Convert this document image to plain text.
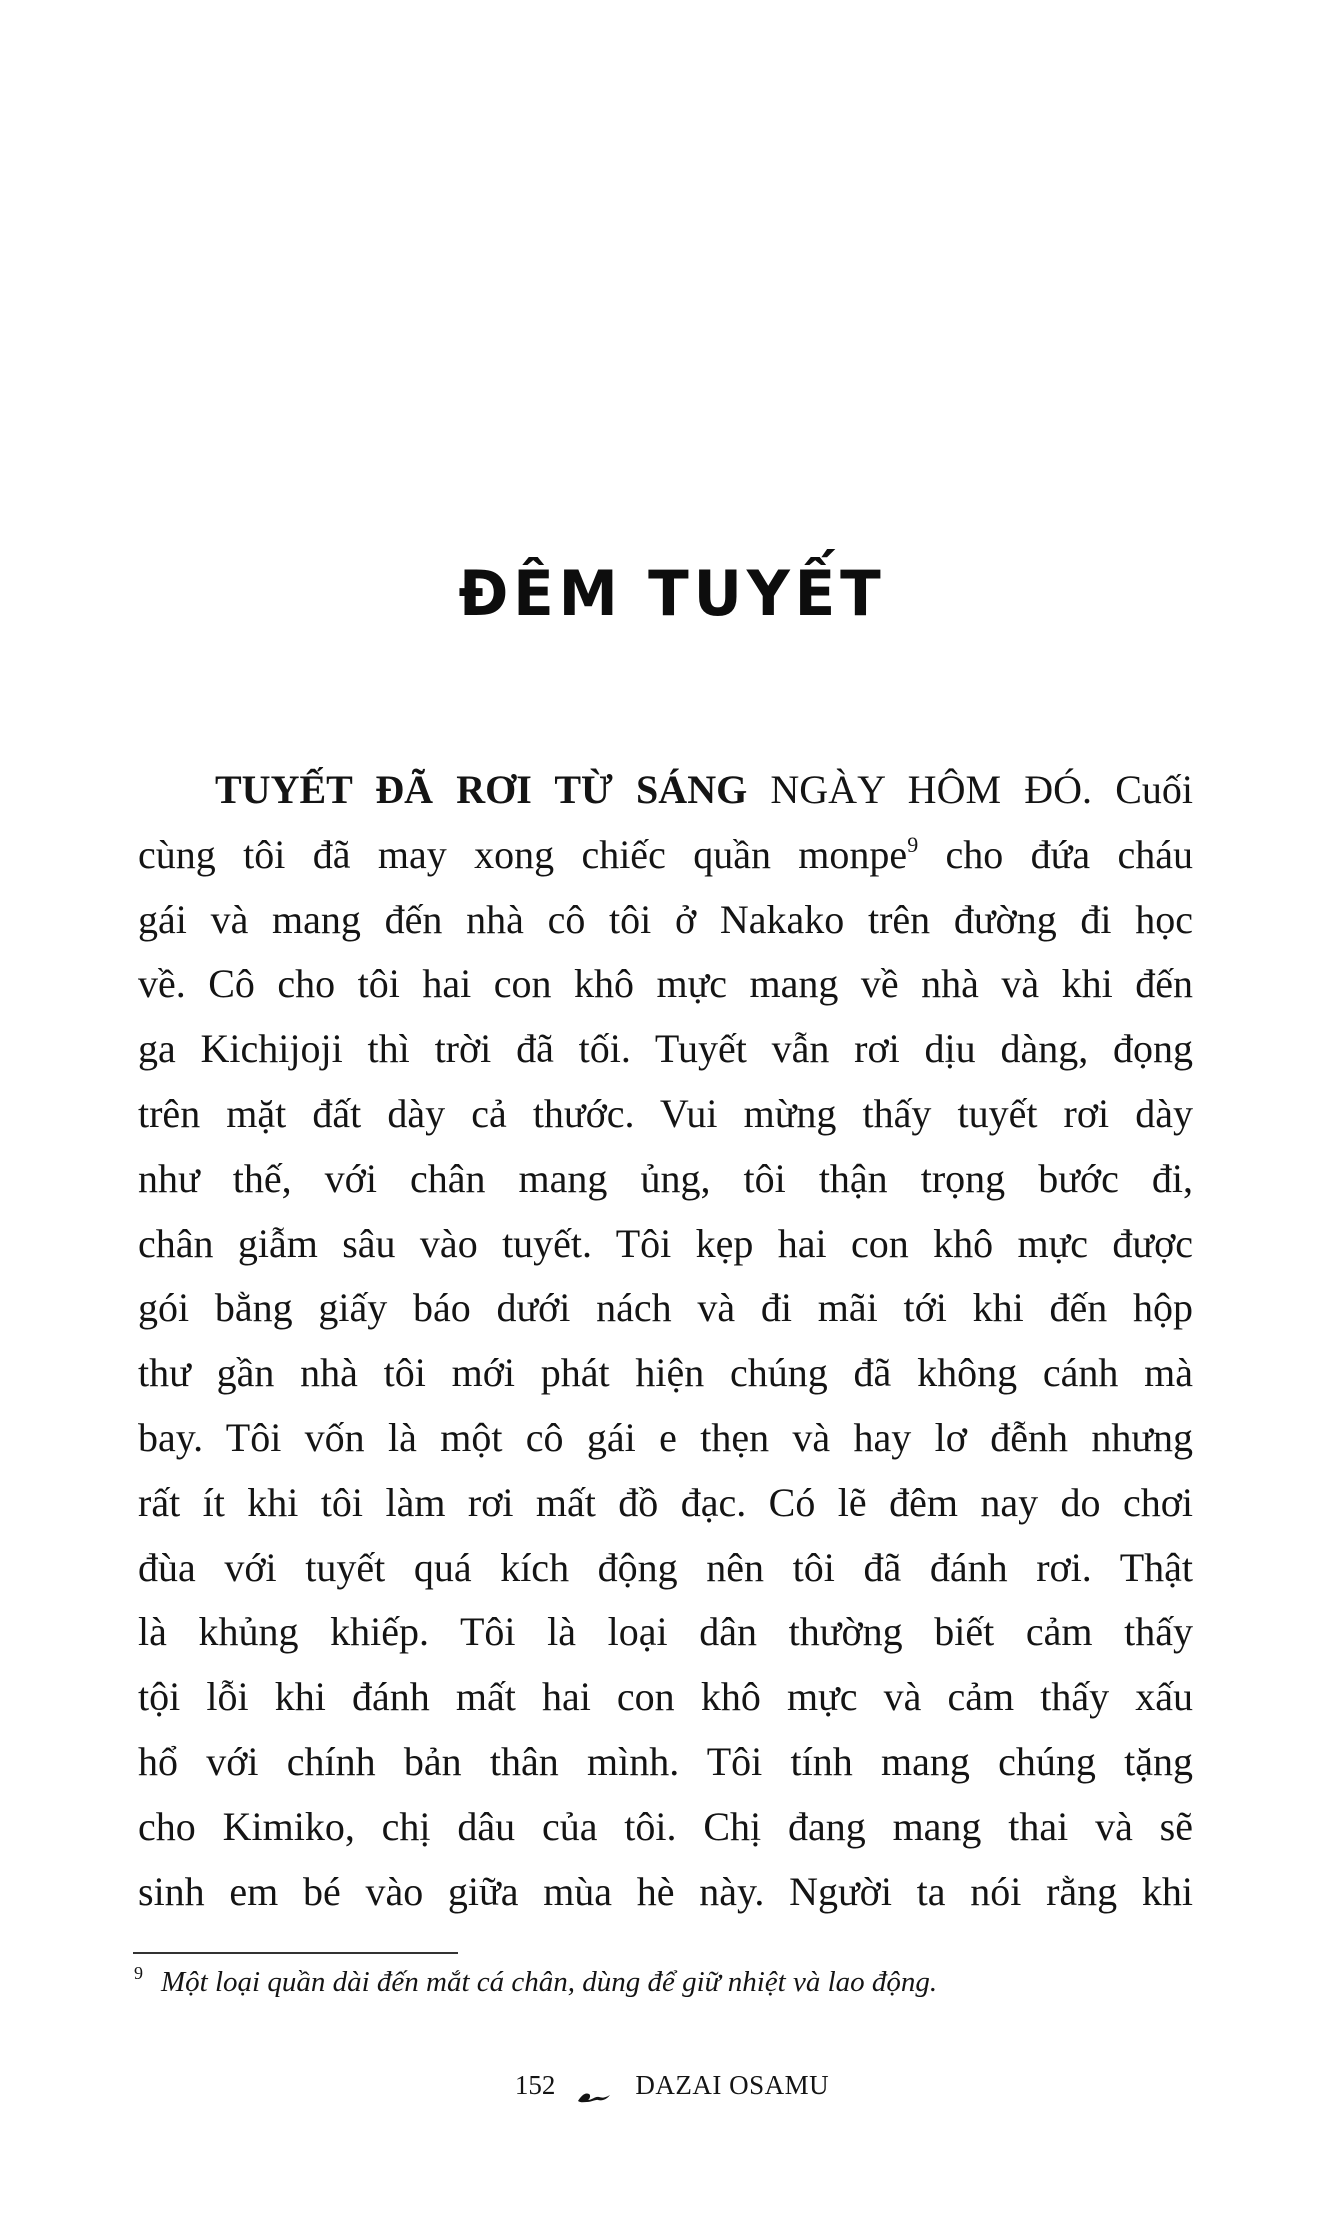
ĐÊM TUYẾT
TUYẾT ĐÃ RƠI TỪ SÁNG NGÀY HÔM ĐÓ. Cuối
cùng tôi đã may xong chiếc quần monpe$^9$ cho đứa cháu
gái và mang đến nhà cô tôi ở Nakako trên đường đi học
về. Cô cho tôi hai con khô mực mang về nhà và khi đến
ga Kichijoji thì trời đã tối. Tuyết vẫn rơi dịu dàng, đọng
trên mặt đất dày cả thước. Vui mừng thấy tuyết rơi dày
như thế, với chân mang ủng, tôi thận trọng bước đi,
chân giẫm sâu vào tuyết. Tôi kẹp hai con khô mực được
gói bằng giấy báo dưới nách và đi mãi tới khi đến hộp
thư gần nhà tôi mới phát hiện chúng đã không cánh mà
bay. Tôi vốn là một cô gái e thẹn và hay lơ đễnh nhưng
rất ít khi tôi làm rơi mất đồ đạc. Có lẽ đêm nay do chơi
đùa với tuyết quá kích động nên tôi đã đánh rơi. Thật
là khủng khiếp. Tôi là loại dân thường biết cảm thấy
tội lỗi khi đánh mất hai con khô mực và cảm thấy xấu
hổ với chính bản thân mình. Tôi tính mang chúng tặng
cho Kimiko, chị dâu của tôi. Chị đang mang thai và sẽ
sinh em bé vào giữa mùa hè này. Người ta nói rằng khi
$^9$ Một loại quần dài đến mắt cá chân, dùng để giữ nhiệt và lao động.
152	DAZAI OSAMU
